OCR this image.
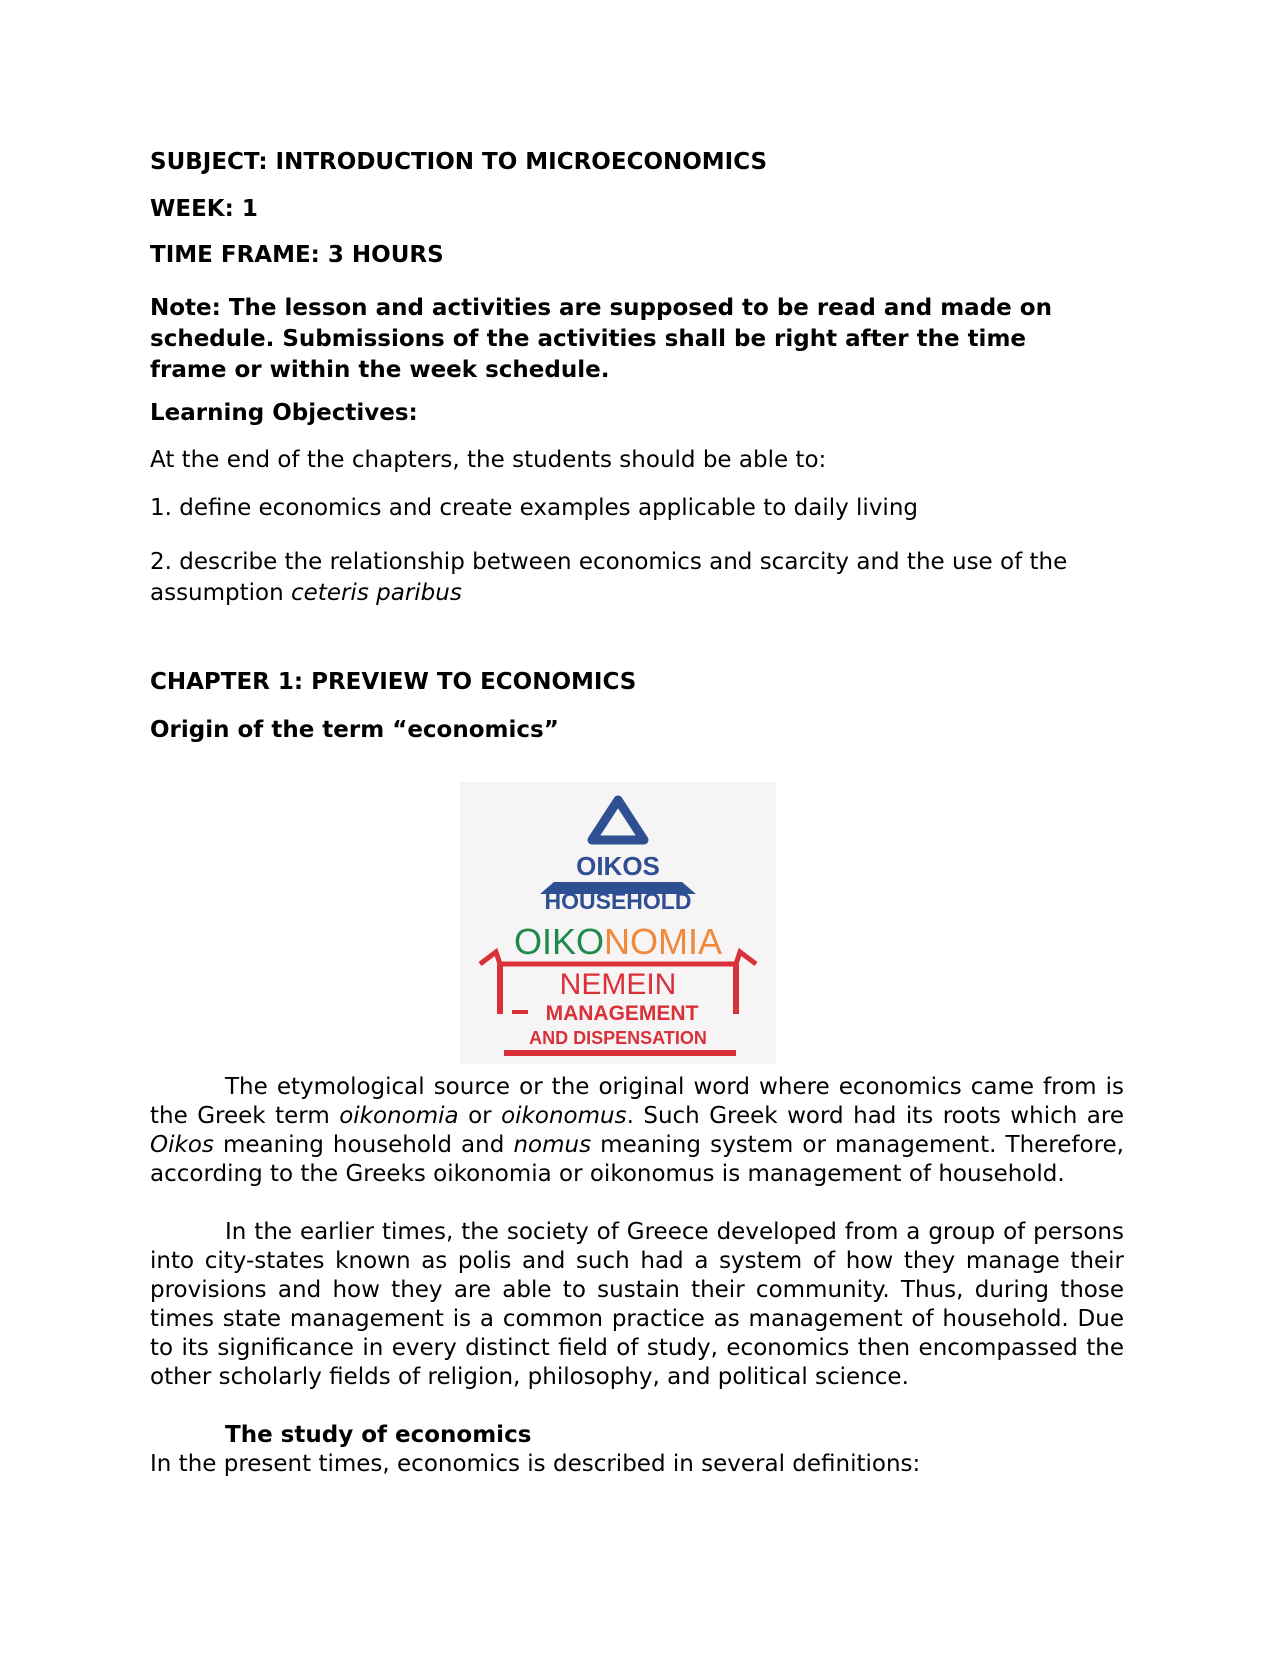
SUBJECT: INTRODUCTION TO MICROECONOMICS
WEEK: 1
TIME FRAME: 3 HOURS
Note: The lesson and activities are supposed to be read and made on schedule. Submissions of the activities shall be right after the time frame or within the week schedule.
Learning Objectives:
At the end of the chapters, the students should be able to:
1. define economics and create examples applicable to daily living
2. describe the relationship between economics and scarcity and the use of the assumption ceteris paribus
CHAPTER 1: PREVIEW TO ECONOMICS
Origin of the term “economics”
OIKOS
HOUSEHOLD
OIKONOMIA
NEMEIN
MANAGEMENT
AND DISPENSATION
The etymological source or the original word where economics came from is the Greek term oikonomia or oikonomus. Such Greek word had its roots which are Oikos meaning household and nomus meaning system or management. Therefore, according to the Greeks oikonomia or oikonomus is management of household.
In the earlier times, the society of Greece developed from a group of persons into city-states known as polis and such had a system of how they manage their provisions and how they are able to sustain their community. Thus, during those times state management is a common practice as management of household. Due to its significance in every distinct field of study, economics then encompassed the other scholarly fields of religion, philosophy, and political science.
The study of economics
In the present times, economics is described in several definitions:
